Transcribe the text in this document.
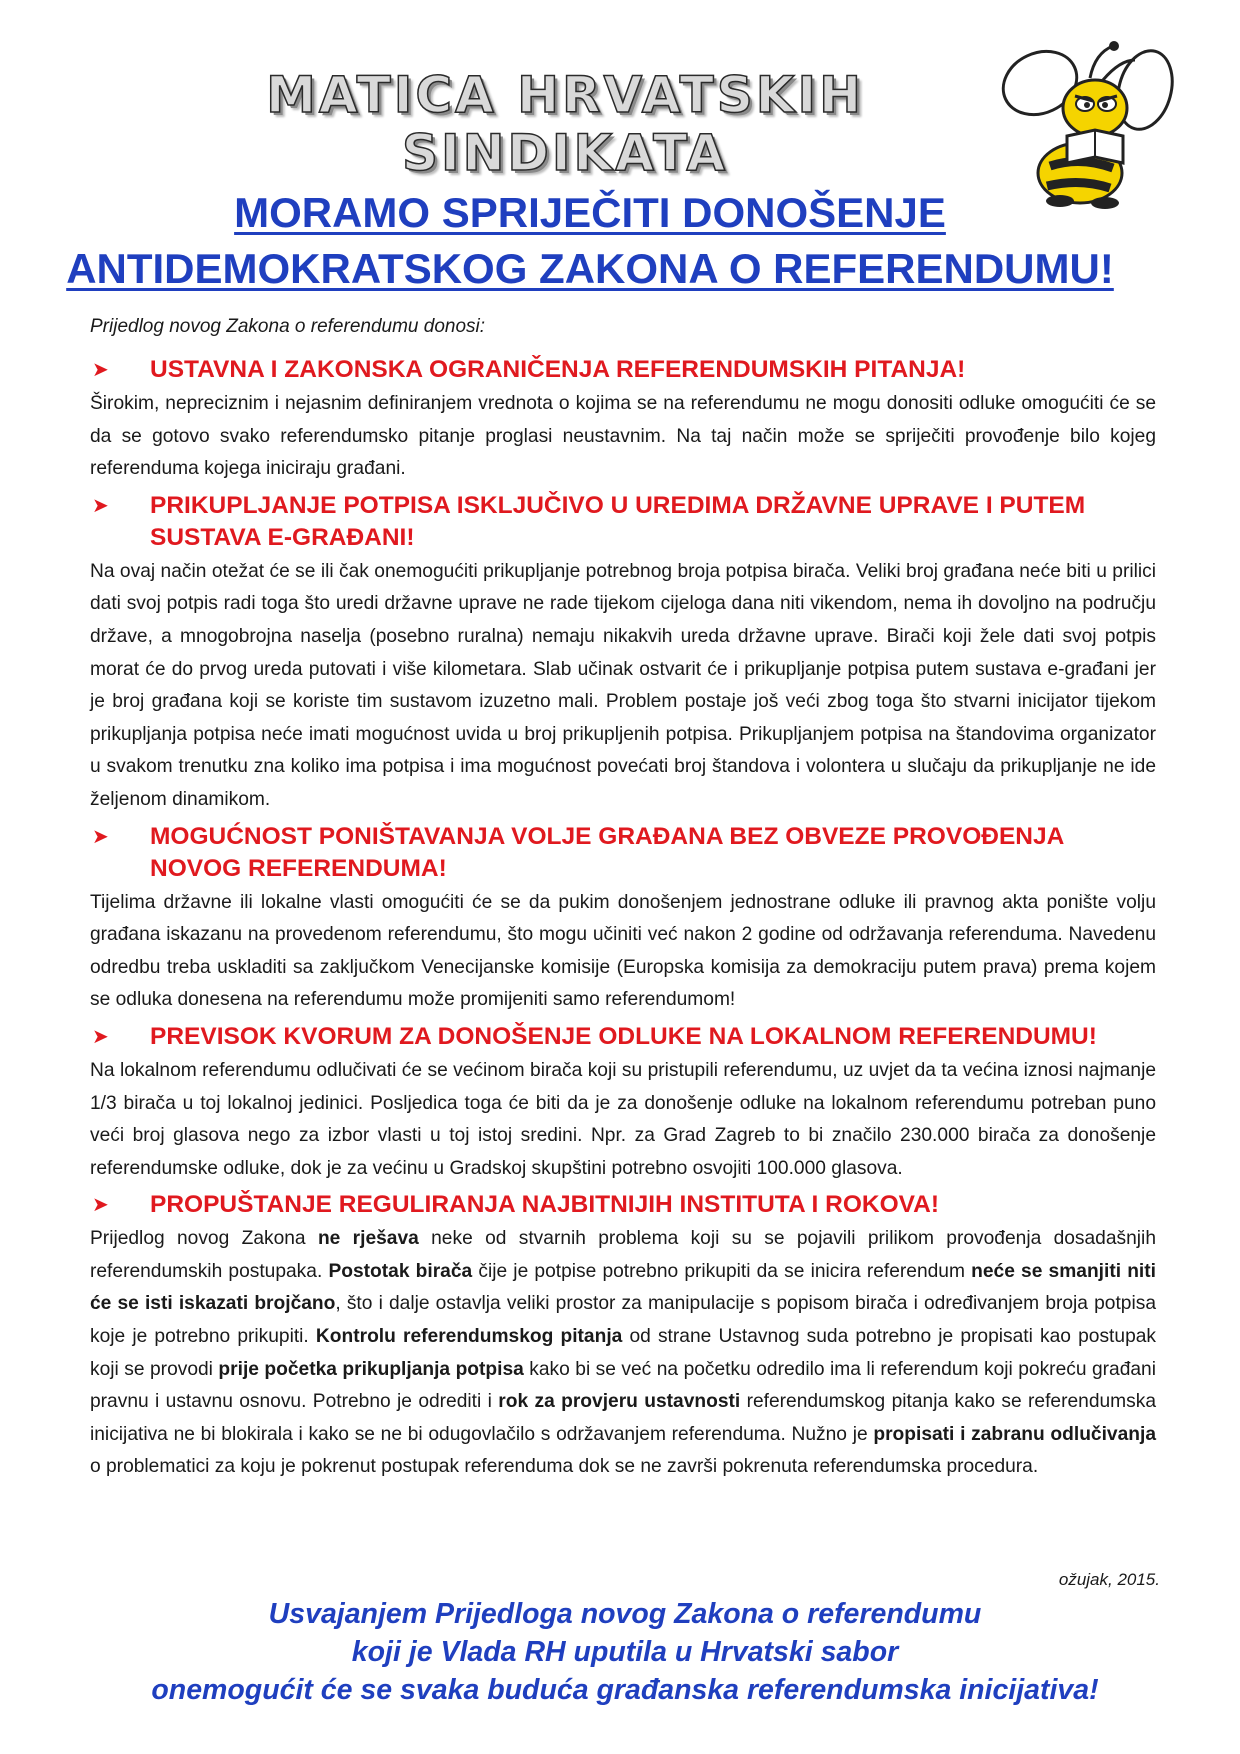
MATICA HRVATSKIH SINDIKATA
MORAMO SPRIJEČITI DONOŠENJE
ANTIDEMOKRATSKOG ZAKONA O REFERENDUMU!
Prijedlog novog Zakona o referendumu donosi:
➤	USTAVNA I ZAKONSKA OGRANIČENJA REFERENDUMSKIH PITANJA!
Širokim, nepreciznim i nejasnim definiranjem vrednota o kojima se na referendumu ne mogu donositi odluke omogućiti će se da se gotovo svako referendumsko pitanje proglasi neustavnim. Na taj način može se spriječiti provođenje bilo kojeg referenduma kojega iniciraju građani.
➤	PRIKUPLJANJE POTPISA ISKLJUČIVO U UREDIMA DRŽAVNE UPRAVE I PUTEM SUSTAVA E-GRAĐANI!
Na ovaj način otežat će se ili čak onemogućiti prikupljanje potrebnog broja potpisa birača. Veliki broj građana neće biti u prilici dati svoj potpis radi toga što uredi državne uprave ne rade tijekom cijeloga dana niti vikendom, nema ih dovoljno na području države, a mnogobrojna naselja (posebno ruralna) nemaju nikakvih ureda državne uprave. Birači koji žele dati svoj potpis morat će do prvog ureda putovati i više kilometara. Slab učinak ostvarit će i prikupljanje potpisa putem sustava e-građani jer je broj građana koji se koriste tim sustavom izuzetno mali. Problem postaje još veći zbog toga što stvarni inicijator tijekom prikupljanja potpisa neće imati mogućnost uvida u broj prikupljenih potpisa. Prikupljanjem potpisa na štandovima organizator u svakom trenutku zna koliko ima potpisa i ima mogućnost povećati broj štandova i volontera u slučaju da prikupljanje ne ide željenom dinamikom.
➤	MOGUĆNOST PONIŠTAVANJA VOLJE GRAĐANA BEZ OBVEZE PROVOĐENJA NOVOG REFERENDUMA!
Tijelima državne ili lokalne vlasti omogućiti će se da pukim donošenjem jednostrane odluke ili pravnog akta ponište volju građana iskazanu na provedenom referendumu, što mogu učiniti već nakon 2 godine od održavanja referenduma. Navedenu odredbu treba uskladiti sa zaključkom Venecijanske komisije (Europska komisija za demokraciju putem prava) prema kojem se odluka donesena na referendumu može promijeniti samo referendumom!
➤	PREVISOK KVORUM ZA DONOŠENJE ODLUKE NA LOKALNOM REFERENDUMU!
Na lokalnom referendumu odlučivati će se većinom birača koji su pristupili referendumu, uz uvjet da ta većina iznosi najmanje 1/3 birača u toj lokalnoj jedinici. Posljedica toga će biti da je za donošenje odluke na lokalnom referendumu potreban puno veći broj glasova nego za izbor vlasti u toj istoj sredini. Npr. za Grad Zagreb to bi značilo 230.000 birača za donošenje referendumske odluke, dok je za većinu u Gradskoj skupštini potrebno osvojiti 100.000 glasova.
➤	PROPUŠTANJE REGULIRANJA NAJBITNIJIH INSTITUTA I ROKOVA!
Prijedlog novog Zakona ne rješava neke od stvarnih problema koji su se pojavili prilikom provođenja dosadašnjih referendumskih postupaka. Postotak birača čije je potpise potrebno prikupiti da se inicira referendum neće se smanjiti niti će se isti iskazati brojčano, što i dalje ostavlja veliki prostor za manipulacije s popisom birača i određivanjem broja potpisa koje je potrebno prikupiti. Kontrolu referendumskog pitanja od strane Ustavnog suda potrebno je propisati kao postupak koji se provodi prije početka prikupljanja potpisa kako bi se već na početku odredilo ima li referendum koji pokreću građani pravnu i ustavnu osnovu. Potrebno je odrediti i rok za provjeru ustavnosti referendumskog pitanja kako se referendumska inicijativa ne bi blokirala i kako se ne bi odugovlačilo s održavanjem referenduma. Nužno je propisati i zabranu odlučivanja o problematici za koju je pokrenut postupak referenduma dok se ne završi pokrenuta referendumska procedura.
ožujak, 2015.
Usvajanjem Prijedloga novog Zakona o referendumu
koji je Vlada RH uputila u Hrvatski sabor
onemogućit će se svaka buduća građanska referendumska inicijativa!
